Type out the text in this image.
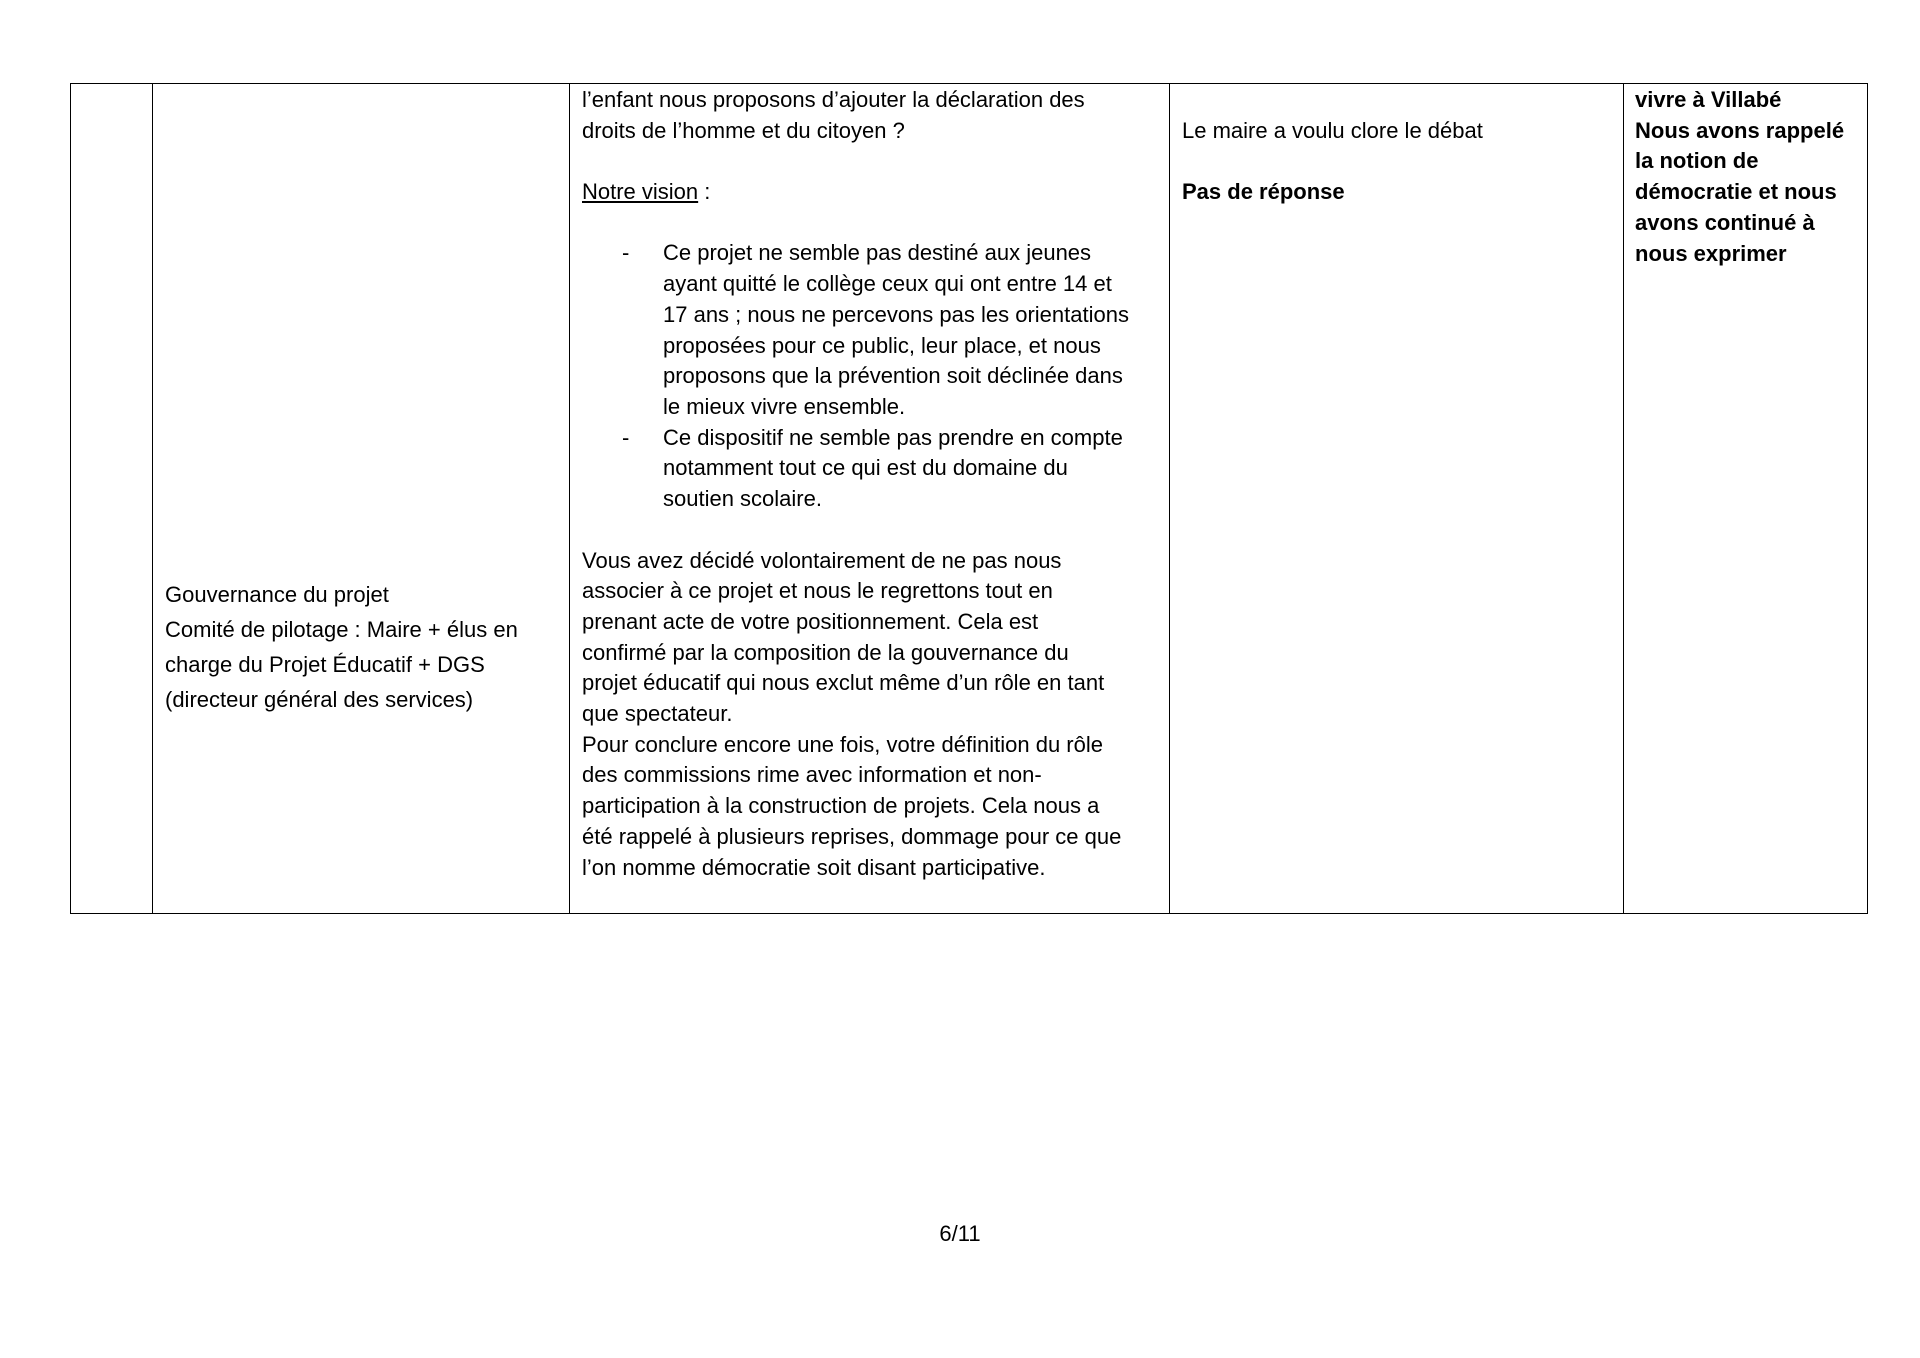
Gouvernance du projet
Comité de pilotage : Maire + élus en
charge du Projet Éducatif + DGS
(directeur général des services)

l’enfant nous proposons d’ajouter la déclaration des
droits de l’homme et du citoyen ?
Notre vision :
- Ce projet ne semble pas destiné aux jeunes
ayant quitté le collège ceux qui ont entre 14 et
17 ans ; nous ne percevons pas les orientations
proposées pour ce public, leur place, et nous
proposons que la prévention soit déclinée dans
le mieux vivre ensemble.
- Ce dispositif ne semble pas prendre en compte
notamment tout ce qui est du domaine du
soutien scolaire.
Vous avez décidé volontairement de ne pas nous
associer à ce projet et nous le regrettons tout en
prenant acte de votre positionnement. Cela est
confirmé par la composition de la gouvernance du
projet éducatif qui nous exclut même d’un rôle en tant
que spectateur.
Pour conclure encore une fois, votre définition du rôle
des commissions rime avec information et non-
participation à la construction de projets. Cela nous a
été rappelé à plusieurs reprises, dommage pour ce que
l’on nomme démocratie soit disant participative.

Le maire a voulu clore le débat
Pas de réponse

vivre à Villabé
Nous avons rappelé
la notion de
démocratie et nous
avons continué à
nous exprimer
6/11
